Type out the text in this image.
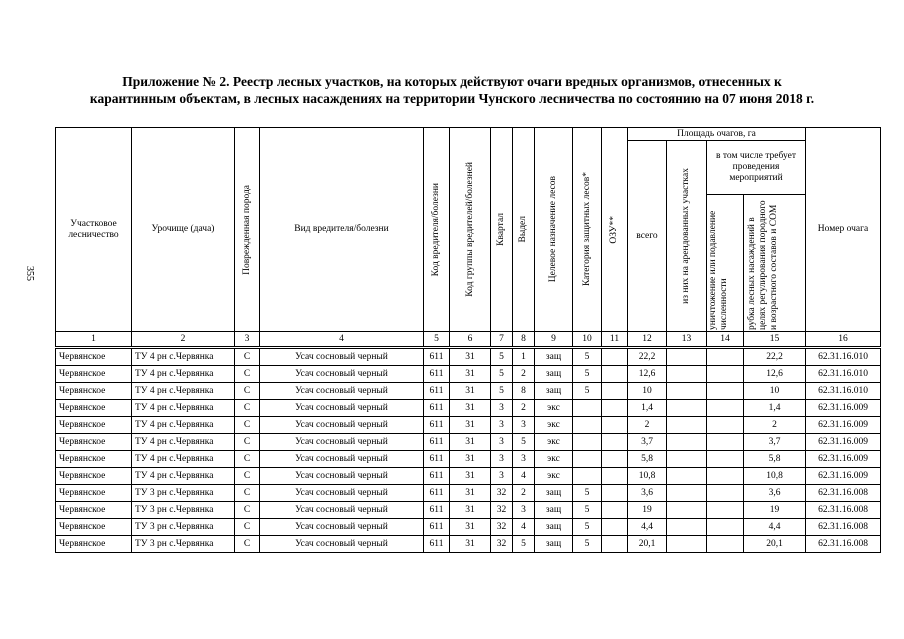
Приложение № 2. Реестр лесных участков, на которых действуют очаги вредных организмов, отнесенных к
карантинным объектам, в лесных насаждениях на территории Чунского лесничества по состоянию на 07 июня 2018 г.
355
Участковое лесничество	Урочище (дача)	Поврежденная порода	Вид вредителя/болезни	Код вредителя/болезни	Код группы вредителей/болезней	Квартал	Выдел	Целевое назначение лесов	Категория защитных лесов*	ОЗУ**	Площадь очагов, га				Номер очага
											всего	из них на арендованных участках	в том числе требует проведения мероприятий		

													уничтожение или подавление численности	рубка лесных насаждений в целях регулирования породного и возрастного составов и СОМ	

1	2	3	4	5	6	7	8	9	10	11	12	13	14	15	16
Червянское	ТУ 4 рн с.Червянка	С	Усач сосновый черный	611	31	5	1	защ	5		22,2			22,2	62.31.16.010
Червянское	ТУ 4 рн с.Червянка	С	Усач сосновый черный	611	31	5	2	защ	5		12,6			12,6	62.31.16.010
Червянское	ТУ 4 рн с.Червянка	С	Усач сосновый черный	611	31	5	8	защ	5		10			10	62.31.16.010
Червянское	ТУ 4 рн с.Червянка	С	Усач сосновый черный	611	31	3	2	экс			1,4			1,4	62.31.16.009
Червянское	ТУ 4 рн с.Червянка	С	Усач сосновый черный	611	31	3	3	экс			2			2	62.31.16.009
Червянское	ТУ 4 рн с.Червянка	С	Усач сосновый черный	611	31	3	5	экс			3,7			3,7	62.31.16.009
Червянское	ТУ 4 рн с.Червянка	С	Усач сосновый черный	611	31	3	3	экс			5,8			5,8	62.31.16.009
Червянское	ТУ 4 рн с.Червянка	С	Усач сосновый черный	611	31	3	4	экс			10,8			10,8	62.31.16.009
Червянское	ТУ 3 рн с.Червянка	С	Усач сосновый черный	611	31	32	2	защ	5		3,6			3,6	62.31.16.008
Червянское	ТУ 3 рн с.Червянка	С	Усач сосновый черный	611	31	32	3	защ	5		19			19	62.31.16.008
Червянское	ТУ 3 рн с.Червянка	С	Усач сосновый черный	611	31	32	4	защ	5		4,4			4,4	62.31.16.008
Червянское	ТУ 3 рн с.Червянка	С	Усач сосновый черный	611	31	32	5	защ	5		20,1			20,1	62.31.16.008
